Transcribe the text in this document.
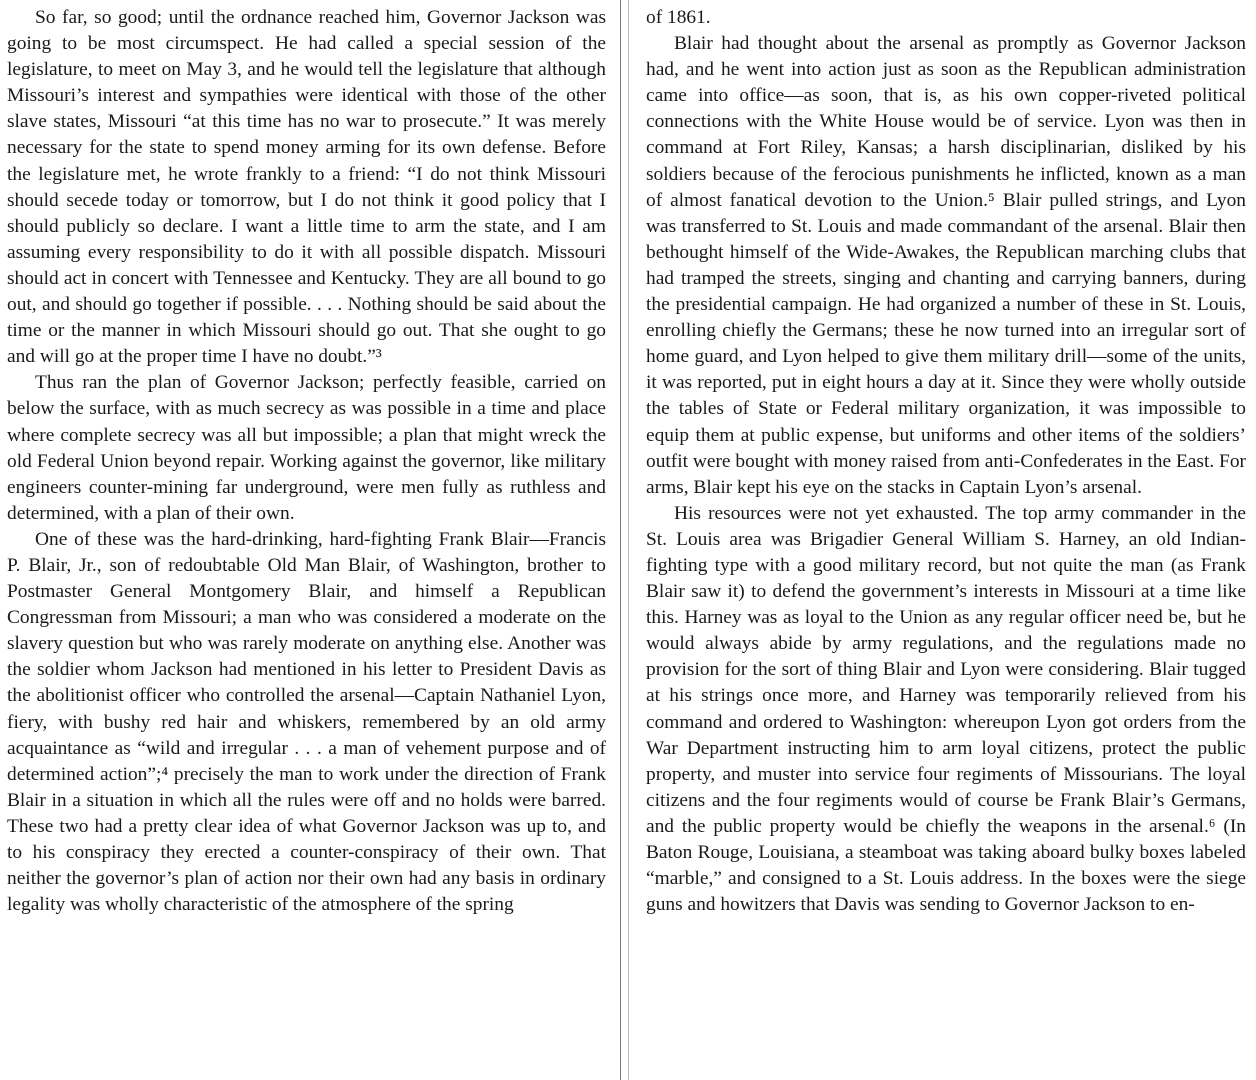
So far, so good; until the ordnance reached him, Governor Jackson was going to be most circumspect. He had called a special session of the legislature, to meet on May 3, and he would tell the legislature that although Missouri’s interest and sympathies were identical with those of the other slave states, Missouri “at this time has no war to prosecute.” It was merely necessary for the state to spend money arming for its own defense. Before the legislature met, he wrote frankly to a friend: “I do not think Missouri should secede today or tomorrow, but I do not think it good policy that I should publicly so declare. I want a little time to arm the state, and I am assuming every responsibility to do it with all possible dispatch. Missouri should act in concert with Tennessee and Kentucky. They are all bound to go out, and should go together if possible. . . . Nothing should be said about the time or the manner in which Missouri should go out. That she ought to go and will go at the proper time I have no doubt.”³

Thus ran the plan of Governor Jackson; perfectly feasible, carried on below the surface, with as much secrecy as was possible in a time and place where complete secrecy was all but impossible; a plan that might wreck the old Federal Union beyond repair. Working against the governor, like military engineers counter-mining far underground, were men fully as ruthless and determined, with a plan of their own.

One of these was the hard-drinking, hard-fighting Frank Blair—Francis P. Blair, Jr., son of redoubtable Old Man Blair, of Washington, brother to Postmaster General Montgomery Blair, and himself a Republican Congressman from Missouri; a man who was considered a moderate on the slavery question but who was rarely moderate on anything else. Another was the soldier whom Jackson had mentioned in his letter to President Davis as the abolitionist officer who controlled the arsenal—Captain Nathaniel Lyon, fiery, with bushy red hair and whiskers, remembered by an old army acquaintance as “wild and irregular . . . a man of vehement purpose and of determined action”;⁴ precisely the man to work under the direction of Frank Blair in a situation in which all the rules were off and no holds were barred. These two had a pretty clear idea of what Governor Jackson was up to, and to his conspiracy they erected a counter-conspiracy of their own. That neither the governor’s plan of action nor their own had any basis in ordinary legality was wholly characteristic of the atmosphere of the spring

of 1861.

Blair had thought about the arsenal as promptly as Governor Jackson had, and he went into action just as soon as the Republican administration came into office—as soon, that is, as his own copper-riveted political connections with the White House would be of service. Lyon was then in command at Fort Riley, Kansas; a harsh disciplinarian, disliked by his soldiers because of the ferocious punishments he inflicted, known as a man of almost fanatical devotion to the Union.⁵ Blair pulled strings, and Lyon was transferred to St. Louis and made commandant of the arsenal. Blair then bethought himself of the Wide-Awakes, the Republican marching clubs that had tramped the streets, singing and chanting and carrying banners, during the presidential campaign. He had organized a number of these in St. Louis, enrolling chiefly the Germans; these he now turned into an irregular sort of home guard, and Lyon helped to give them military drill—some of the units, it was reported, put in eight hours a day at it. Since they were wholly outside the tables of State or Federal military organization, it was impossible to equip them at public expense, but uniforms and other items of the soldiers’ outfit were bought with money raised from anti-Confederates in the East. For arms, Blair kept his eye on the stacks in Captain Lyon’s arsenal.

His resources were not yet exhausted. The top army commander in the St. Louis area was Brigadier General William S. Harney, an old Indian-fighting type with a good military record, but not quite the man (as Frank Blair saw it) to defend the government’s interests in Missouri at a time like this. Harney was as loyal to the Union as any regular officer need be, but he would always abide by army regulations, and the regulations made no provision for the sort of thing Blair and Lyon were considering. Blair tugged at his strings once more, and Harney was temporarily relieved from his command and ordered to Washington: whereupon Lyon got orders from the War Department instructing him to arm loyal citizens, protect the public property, and muster into service four regiments of Missourians. The loyal citizens and the four regiments would of course be Frank Blair’s Germans, and the public property would be chiefly the weapons in the arsenal.⁶ (In Baton Rouge, Louisiana, a steamboat was taking aboard bulky boxes labeled “marble,” and consigned to a St. Louis address. In the boxes were the siege guns and howitzers that Davis was sending to Governor Jackson to en-
